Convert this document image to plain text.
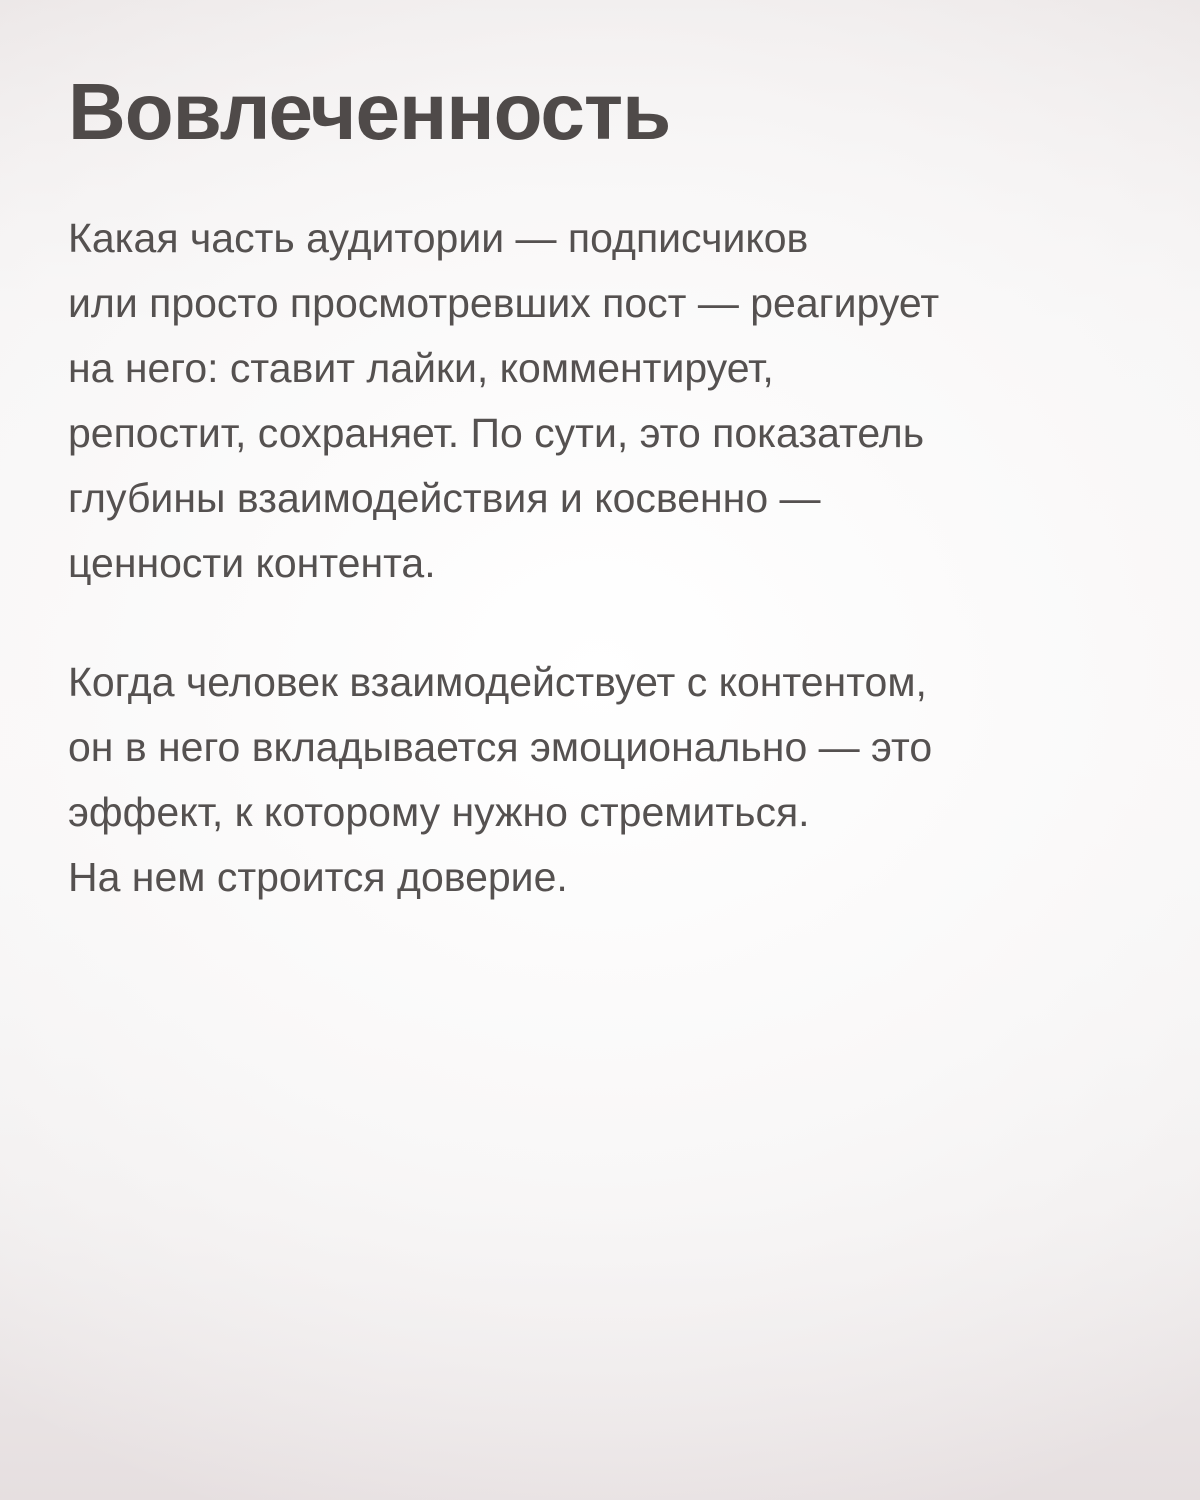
Вовлеченность

Какая часть аудитории — подписчиков
или просто просмотревших пост — реагирует
на него: ставит лайки, комментирует,
репостит, сохраняет. По сути, это показатель
глубины взаимодействия и косвенно —
ценности контента.

Когда человек взаимодействует с контентом,
он в него вкладывается эмоционально — это
эффект, к которому нужно стремиться.
На нем строится доверие.
